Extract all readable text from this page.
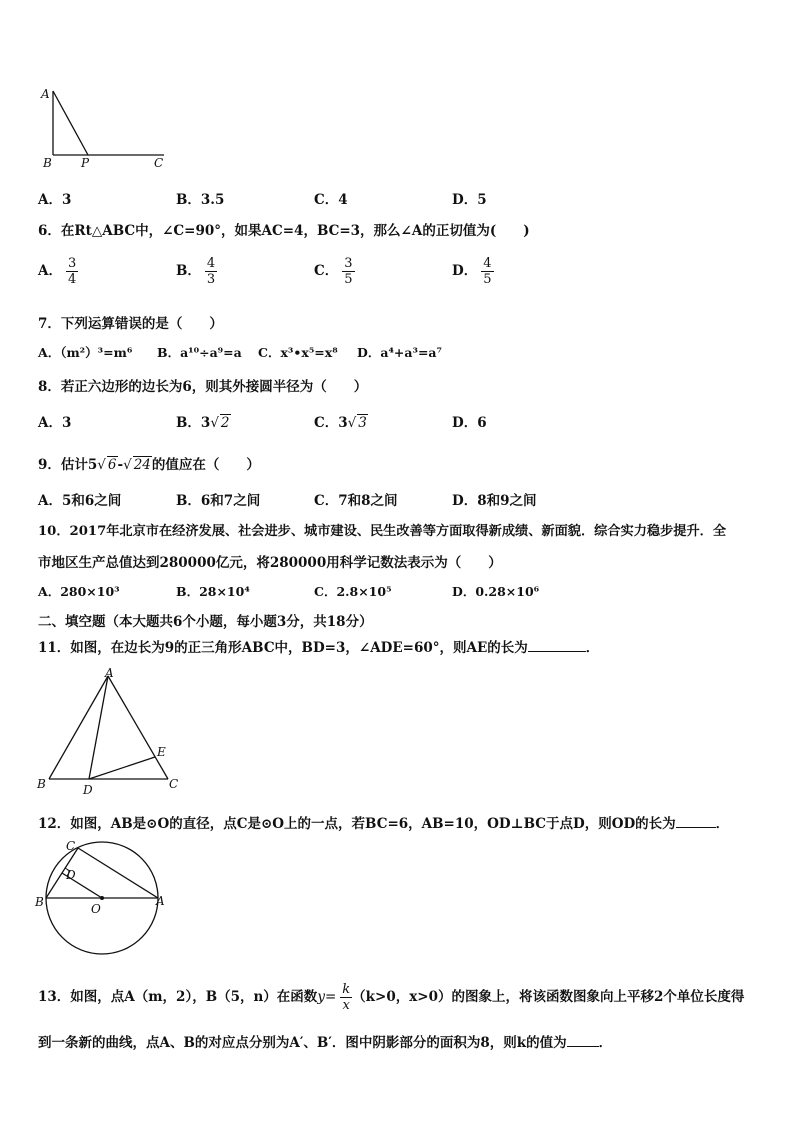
A
B P	C
A．3	B．3.5	C．4	D．5
6．在Rt△ABC中，∠C=90°，如果AC=4，BC=3，那么∠A的正切值为(　　)
A． $\frac{3}{4}$	B． $\frac{4}{3}$	C． $\frac{3}{5}$	D． $\frac{4}{5}$
7．下列运算错误的是（　　）
A．（m²）³=m⁶ B．a¹⁰÷a⁹=a C．x³•x⁵=x⁸ D．a⁴+a³=a⁷
8．若正六边形的边长为6，则其外接圆半径为（　　）
A．3	B．3√ 2	C．3√ 3	D．6
9．估计5√ 6-√ 24的值应在（　　）
A．5和6之间	B．6和7之间	C．7和8之间	D．8和9之间
10．2017年北京市在经济发展、社会进步、城市建设、民生改善等方面取得新成绩、新面貌．综合实力稳步提升．全
市地区生产总值达到280000亿元，将280000用科学记数法表示为（　　）
A．280×10³	B．28×10⁴	C．2.8×10⁵	D．0.28×10⁶
二、填空题（本大题共6个小题，每小题3分，共18分）
11．如图，在边长为9的正三角形ABC中，BD=3，∠ADE=60°，则AE的长为	．
A
B	C
D
E
12．如图，AB是⊙O的直径，点C是⊙O上的一点，若BC=6，AB=10，OD⊥BC于点D，则OD的长为	．
C
D
B	A
O
13．如图，点A（m，2），B（5，n）在函数$y= \frac{k}{x} (k>0$，x>0）的图象上，将该函数图象向上平移2个单位长度得
到一条新的曲线，点A、B的对应点分别为A′、B′．图中阴影部分的面积为8，则k的值为 ．
